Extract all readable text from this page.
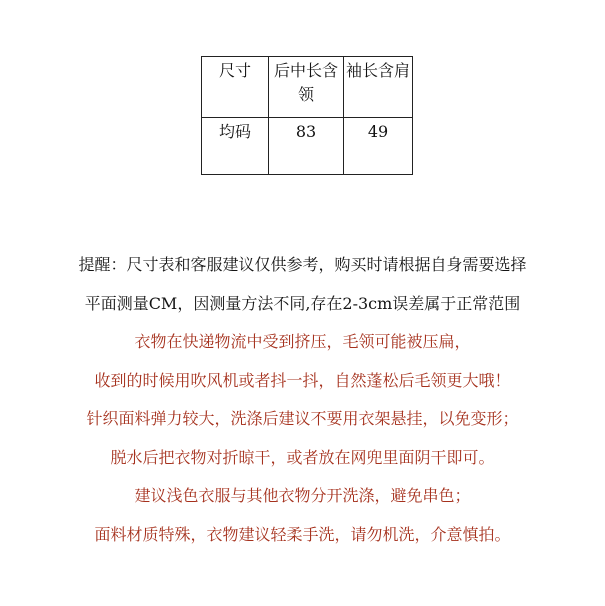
尺寸	后中长含领	袖长含肩
均码	83	49
提醒：尺寸表和客服建议仅供参考，购买时请根据自身需要选择
平面测量CM，因测量方法不同,存在2-3cm误差属于正常范围
衣物在快递物流中受到挤压，毛领可能被压扁，
收到的时候用吹风机或者抖一抖，自然蓬松后毛领更大哦！
针织面料弹力较大，洗涤后建议不要用衣架悬挂，以免变形；
脱水后把衣物对折晾干，或者放在网兜里面阴干即可。
建议浅色衣服与其他衣物分开洗涤，避免串色；
面料材质特殊，衣物建议轻柔手洗，请勿机洗，介意慎拍。
